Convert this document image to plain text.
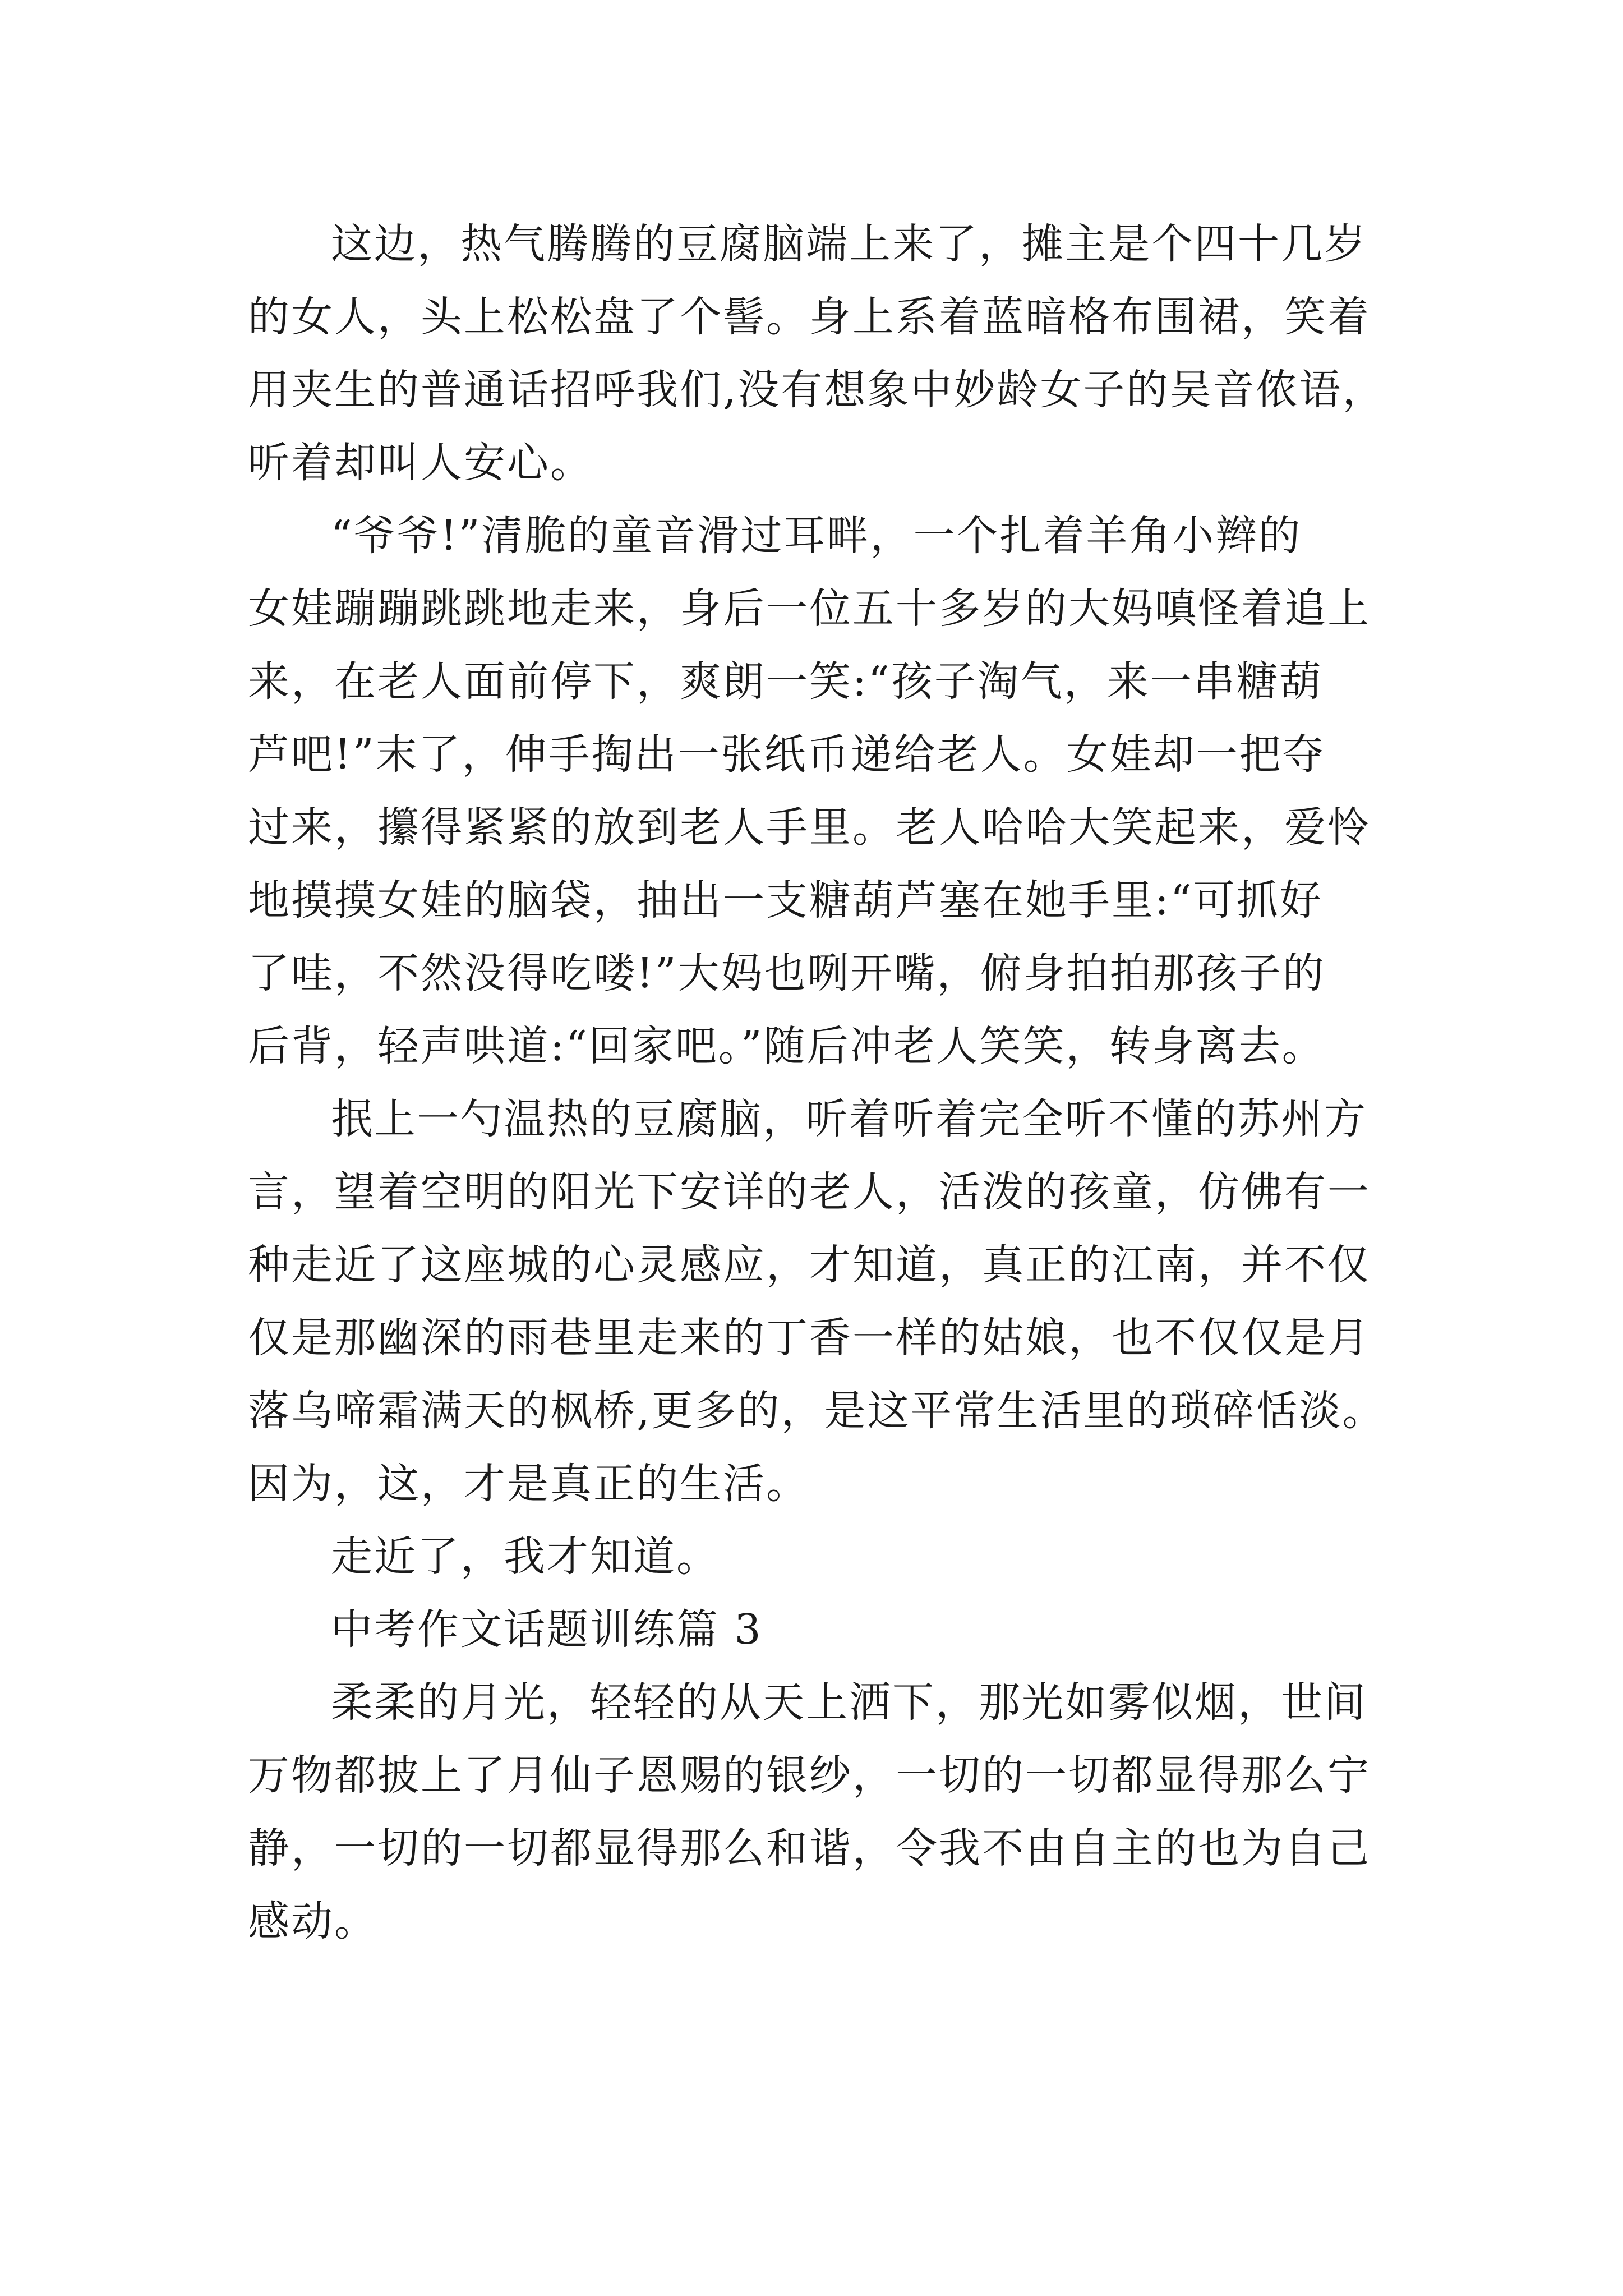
这边，热气腾腾的豆腐脑端上来了，摊主是个四十几岁
的女人，头上松松盘了个髻。身上系着蓝暗格布围裙，笑着
用夹生的普通话招呼我们,没有想象中妙龄女子的吴音侬语，
听着却叫人安心。
“爷爷!”清脆的童音滑过耳畔，一个扎着羊角小辫的
女娃蹦蹦跳跳地走来，身后一位五十多岁的大妈嗔怪着追上
来，在老人面前停下，爽朗一笑:“孩子淘气，来一串糖葫
芦吧!”末了，伸手掏出一张纸币递给老人。女娃却一把夺
过来，攥得紧紧的放到老人手里。老人哈哈大笑起来，爱怜
地摸摸女娃的脑袋，抽出一支糖葫芦塞在她手里:“可抓好
了哇，不然没得吃喽!”大妈也咧开嘴，俯身拍拍那孩子的
后背，轻声哄道:“回家吧。”随后冲老人笑笑，转身离去。
抿上一勺温热的豆腐脑，听着听着完全听不懂的苏州方
言，望着空明的阳光下安详的老人，活泼的孩童，仿佛有一
种走近了这座城的心灵感应，才知道，真正的江南，并不仅
仅是那幽深的雨巷里走来的丁香一样的姑娘，也不仅仅是月
落乌啼霜满天的枫桥,更多的，是这平常生活里的琐碎恬淡。
因为，这，才是真正的生活。
走近了，我才知道。
中考作文话题训练篇 3
柔柔的月光，轻轻的从天上洒下，那光如雾似烟，世间
万物都披上了月仙子恩赐的银纱，一切的一切都显得那么宁
静，一切的一切都显得那么和谐，令我不由自主的也为自己
感动。
